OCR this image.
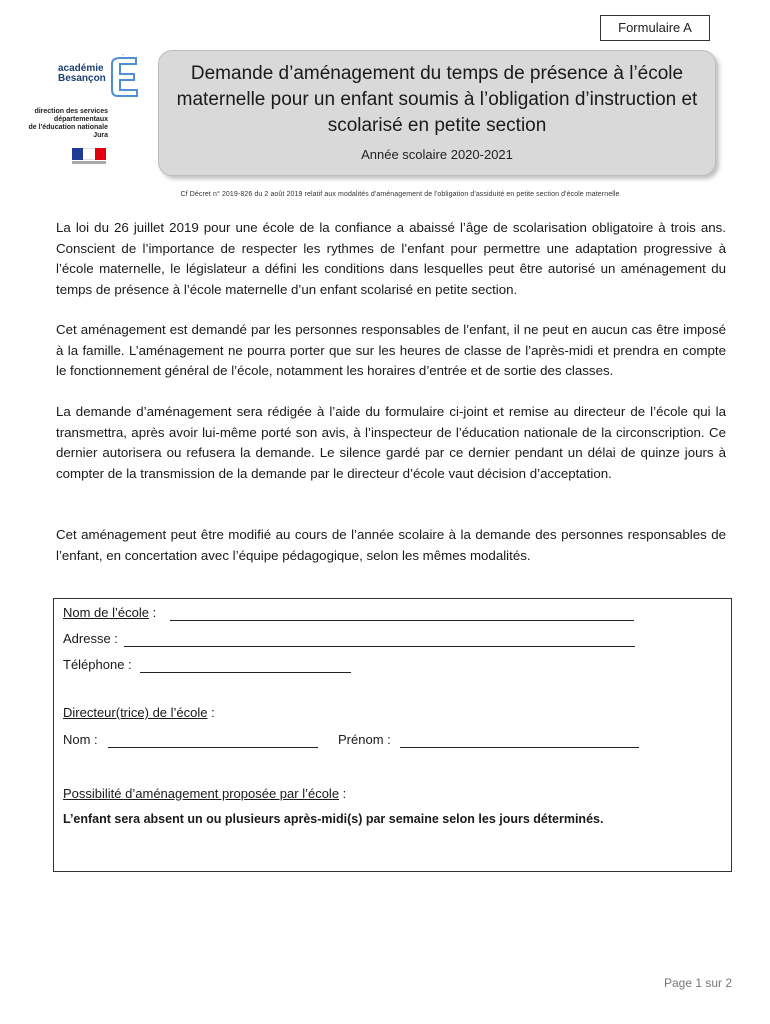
Formulaire A
académie
Besançon
direction des services
départementaux
de l'éducation nationale
Jura
Demande d’aménagement du temps de présence à l’école maternelle pour un enfant soumis à l’obligation d’instruction et scolarisé en petite section
Année scolaire 2020-2021
Cf Décret n° 2019-826 du 2 août 2019 relatif aux modalités d'aménagement de l'obligation d'assiduité en petite section d'école maternelle
La loi du 26 juillet 2019 pour une école de la confiance a abaissé l’âge de scolarisation obligatoire à trois ans. Conscient de l’importance de respecter les rythmes de l’enfant pour permettre une adaptation progressive à l’école maternelle, le législateur a défini les conditions dans lesquelles peut être autorisé un aménagement du temps de présence à l’école maternelle d’un enfant scolarisé en petite section.
Cet aménagement est demandé par les personnes responsables de l’enfant, il ne peut en aucun cas être imposé à la famille. L’aménagement ne pourra porter que sur les heures de classe de l’après-midi et prendra en compte le fonctionnement général de l’école, notamment les horaires d’entrée et de sortie des classes.
La demande d’aménagement sera rédigée à l’aide du formulaire ci-joint et remise au directeur de l’école qui la transmettra, après avoir lui-même porté son avis, à l’inspecteur de l’éducation nationale de la circonscription. Ce dernier autorisera ou refusera la demande. Le silence gardé par ce dernier pendant un délai de quinze jours à compter de la transmission de la demande par le directeur d’école vaut décision d’acceptation.
Cet aménagement peut être modifié au cours de l’année scolaire à la demande des personnes responsables de l’enfant, en concertation avec l’équipe pédagogique, selon les mêmes modalités.
Nom de l’école :
Adresse :
Téléphone :
Directeur(trice) de l’école :
Nom :	Prénom :
Possibilité d’aménagement proposée par l’école :
L’enfant sera absent un ou plusieurs après-midi(s) par semaine selon les jours déterminés.
Page 1 sur 2
